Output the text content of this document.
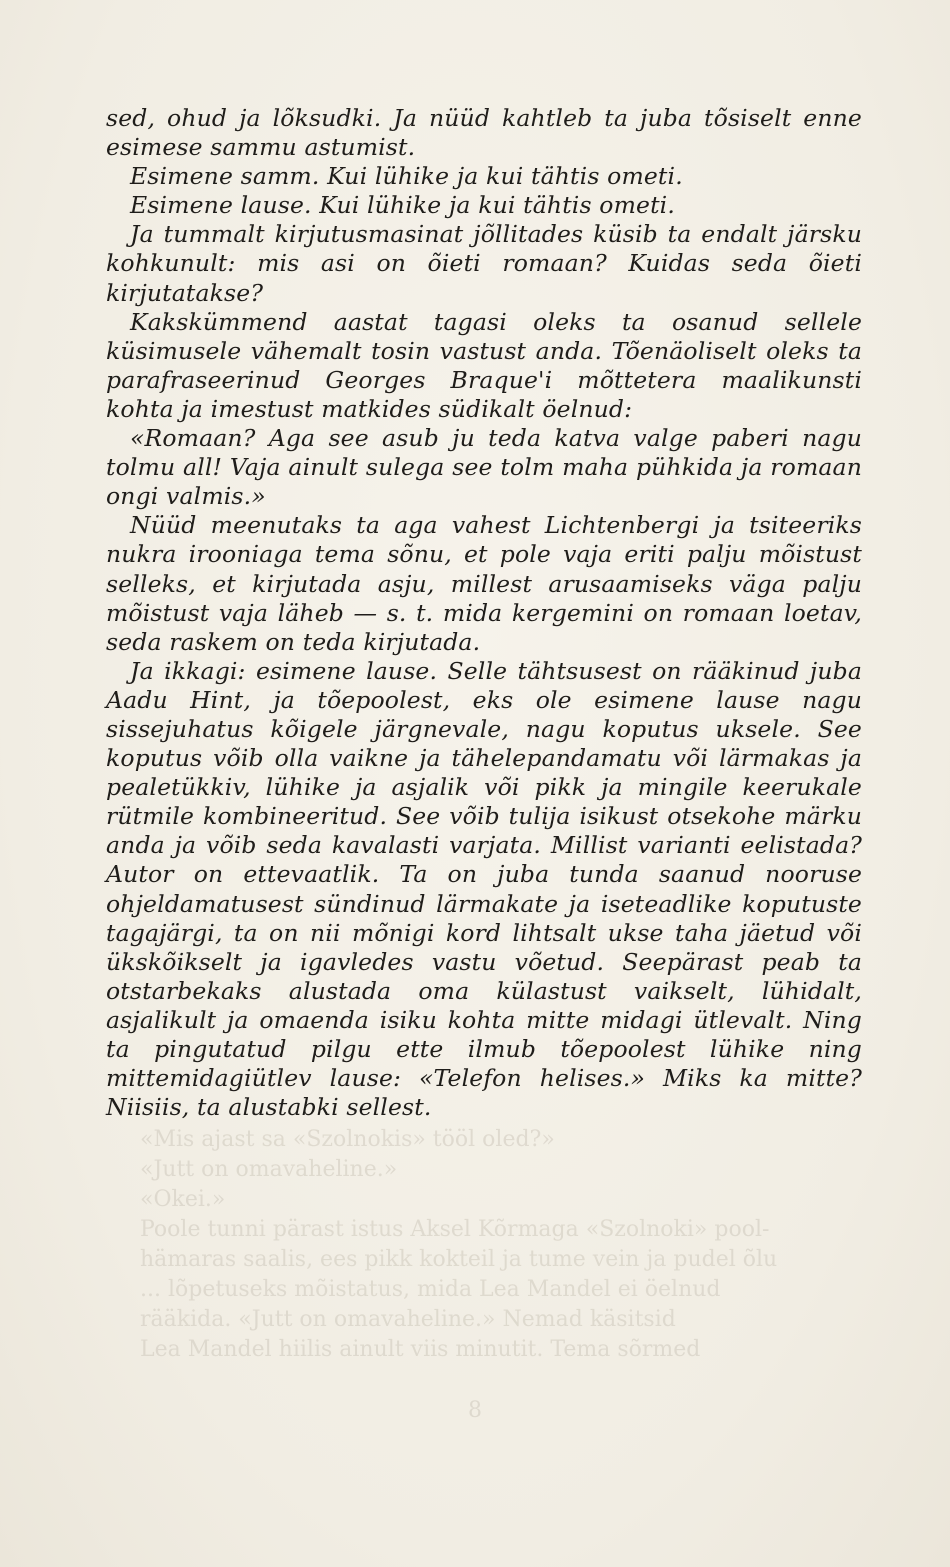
«Mis ajast sa «Szolnokis» tööl oled?»
«Jutt on omavaheline.»
«Okei.»
Poole tunni pärast istus Aksel Kõrmaga «Szolnoki» pool-
hämaras saalis, ees pikk kokteil ja tume vein ja pudel õlu
... lõpetuseks mõistatus, mida Lea Mandel ei öelnud
rääkida. «Jutt on omavaheline.» Nemad käsitsid
Lea Mandel hiilis ainult viis minutit. Tema sõrmed
8

sed, ohud ja lõksudki. Ja nüüd kahtleb ta juba tõsiselt enne esimese sammu astumist.

Esimene samm. Kui lühike ja kui tähtis ometi.

Esimene lause. Kui lühike ja kui tähtis ometi.

Ja tummalt kirjutusmasinat jõllitades küsib ta endalt järsku kohkunult: mis asi on õieti romaan? Kuidas seda õieti kirjutatakse?

Kakskümmend aastat tagasi oleks ta osanud sellele küsimusele vähemalt tosin vastust anda. Tõenäoliselt oleks ta parafraseerinud Georges Braque'i mõttetera maalikunsti kohta ja imestust matkides südikalt öelnud:

«Romaan? Aga see asub ju teda katva valge paberi nagu tolmu all! Vaja ainult sulega see tolm maha pühkida ja romaan ongi valmis.»

Nüüd meenutaks ta aga vahest Lichtenbergi ja tsiteeriks nukra irooniaga tema sõnu, et pole vaja eriti palju mõistust selleks, et kirjutada asju, millest arusaamiseks väga palju mõistust vaja läheb — s. t. mida kergemini on romaan loetav, seda raskem on teda kirjutada.

Ja ikkagi: esimene lause. Selle tähtsusest on rääkinud juba Aadu Hint, ja tõepoolest, eks ole esimene lause nagu sissejuhatus kõigele järgnevale, nagu koputus uksele. See koputus võib olla vaikne ja tähelepandamatu või lärmakas ja pealetükkiv, lühike ja asjalik või pikk ja mingile keerukale rütmile kombineeritud. See võib tulija isikust otsekohe märku anda ja võib seda kavalasti varjata. Millist varianti eelistada? Autor on ettevaatlik. Ta on juba tunda saanud nooruse ohjeldamatusest sündinud lärmakate ja iseteadlike koputuste tagajärgi, ta on nii mõnigi kord lihtsalt ukse taha jäetud või ükskõikselt ja igavledes vastu võetud. Seepärast peab ta otstarbekaks alustada oma külastust vaikselt, lühidalt, asjalikult ja omaenda isiku kohta mitte midagi ütlevalt. Ning ta pingutatud pilgu ette ilmub tõepoolest lühike ning mittemidagiütlev lause: «Telefon helises.» Miks ka mitte? Niisiis, ta alustabki sellest.
